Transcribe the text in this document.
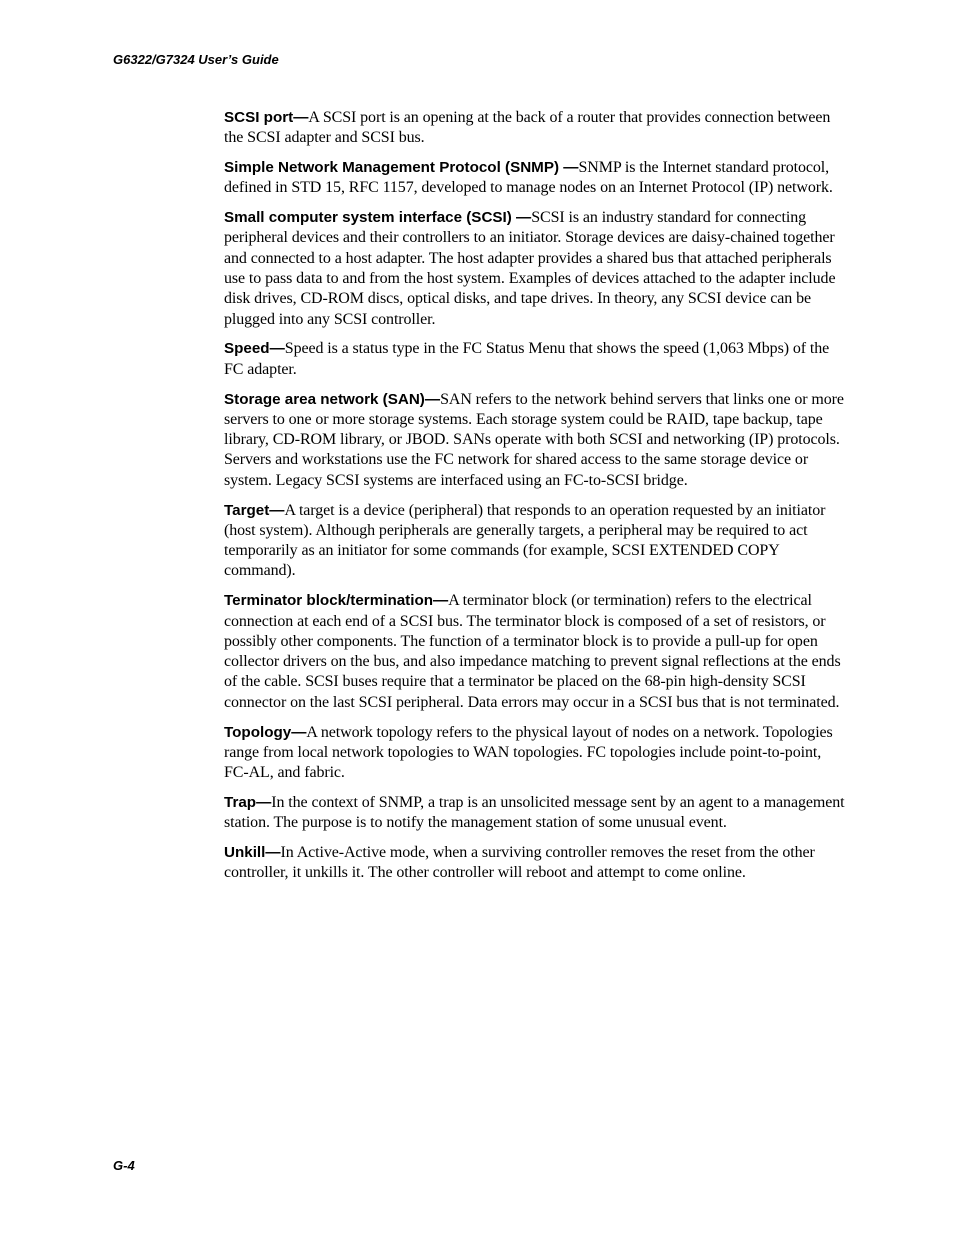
G6322/G7324 User’s Guide

SCSI port—A SCSI port is an opening at the back of a router that provides connection between the SCSI adapter and SCSI bus.

Simple Network Management Protocol (SNMP) —SNMP is the Internet standard protocol, defined in STD 15, RFC 1157, developed to manage nodes on an Internet Protocol (IP) network.

Small computer system interface (SCSI) —SCSI is an industry standard for connecting peripheral devices and their controllers to an initiator. Storage devices are daisy-chained together and connected to a host adapter. The host adapter provides a shared bus that attached peripherals use to pass data to and from the host system. Examples of devices attached to the adapter include disk drives, CD-ROM discs, optical disks, and tape drives. In theory, any SCSI device can be plugged into any SCSI controller.

Speed—Speed is a status type in the FC Status Menu that shows the speed (1,063 Mbps) of the FC adapter.

Storage area network (SAN)—SAN refers to the network behind servers that links one or more servers to one or more storage systems. Each storage system could be RAID, tape backup, tape library, CD-ROM library, or JBOD. SANs operate with both SCSI and networking (IP) protocols. Servers and workstations use the FC network for shared access to the same storage device or system. Legacy SCSI systems are interfaced using an FC-to-SCSI bridge.

Target—A target is a device (peripheral) that responds to an operation requested by an initiator (host system). Although peripherals are generally targets, a peripheral may be required to act temporarily as an initiator for some commands (for example, SCSI EXTENDED COPY command).

Terminator block/termination—A terminator block (or termination) refers to the electrical connection at each end of a SCSI bus. The terminator block is composed of a set of resistors, or possibly other components. The function of a terminator block is to provide a pull-up for open collector drivers on the bus, and also impedance matching to prevent signal reflections at the ends of the cable. SCSI buses require that a terminator be placed on the 68-pin high-density SCSI connector on the last SCSI peripheral. Data errors may occur in a SCSI bus that is not terminated.

Topology—A network topology refers to the physical layout of nodes on a network. Topologies range from local network topologies to WAN topologies. FC topologies include point-to-point, FC-AL, and fabric.

Trap—In the context of SNMP, a trap is an unsolicited message sent by an agent to a management station. The purpose is to notify the management station of some unusual event.

Unkill—In Active-Active mode, when a surviving controller removes the reset from the other controller, it unkills it. The other controller will reboot and attempt to come online.

G-4
